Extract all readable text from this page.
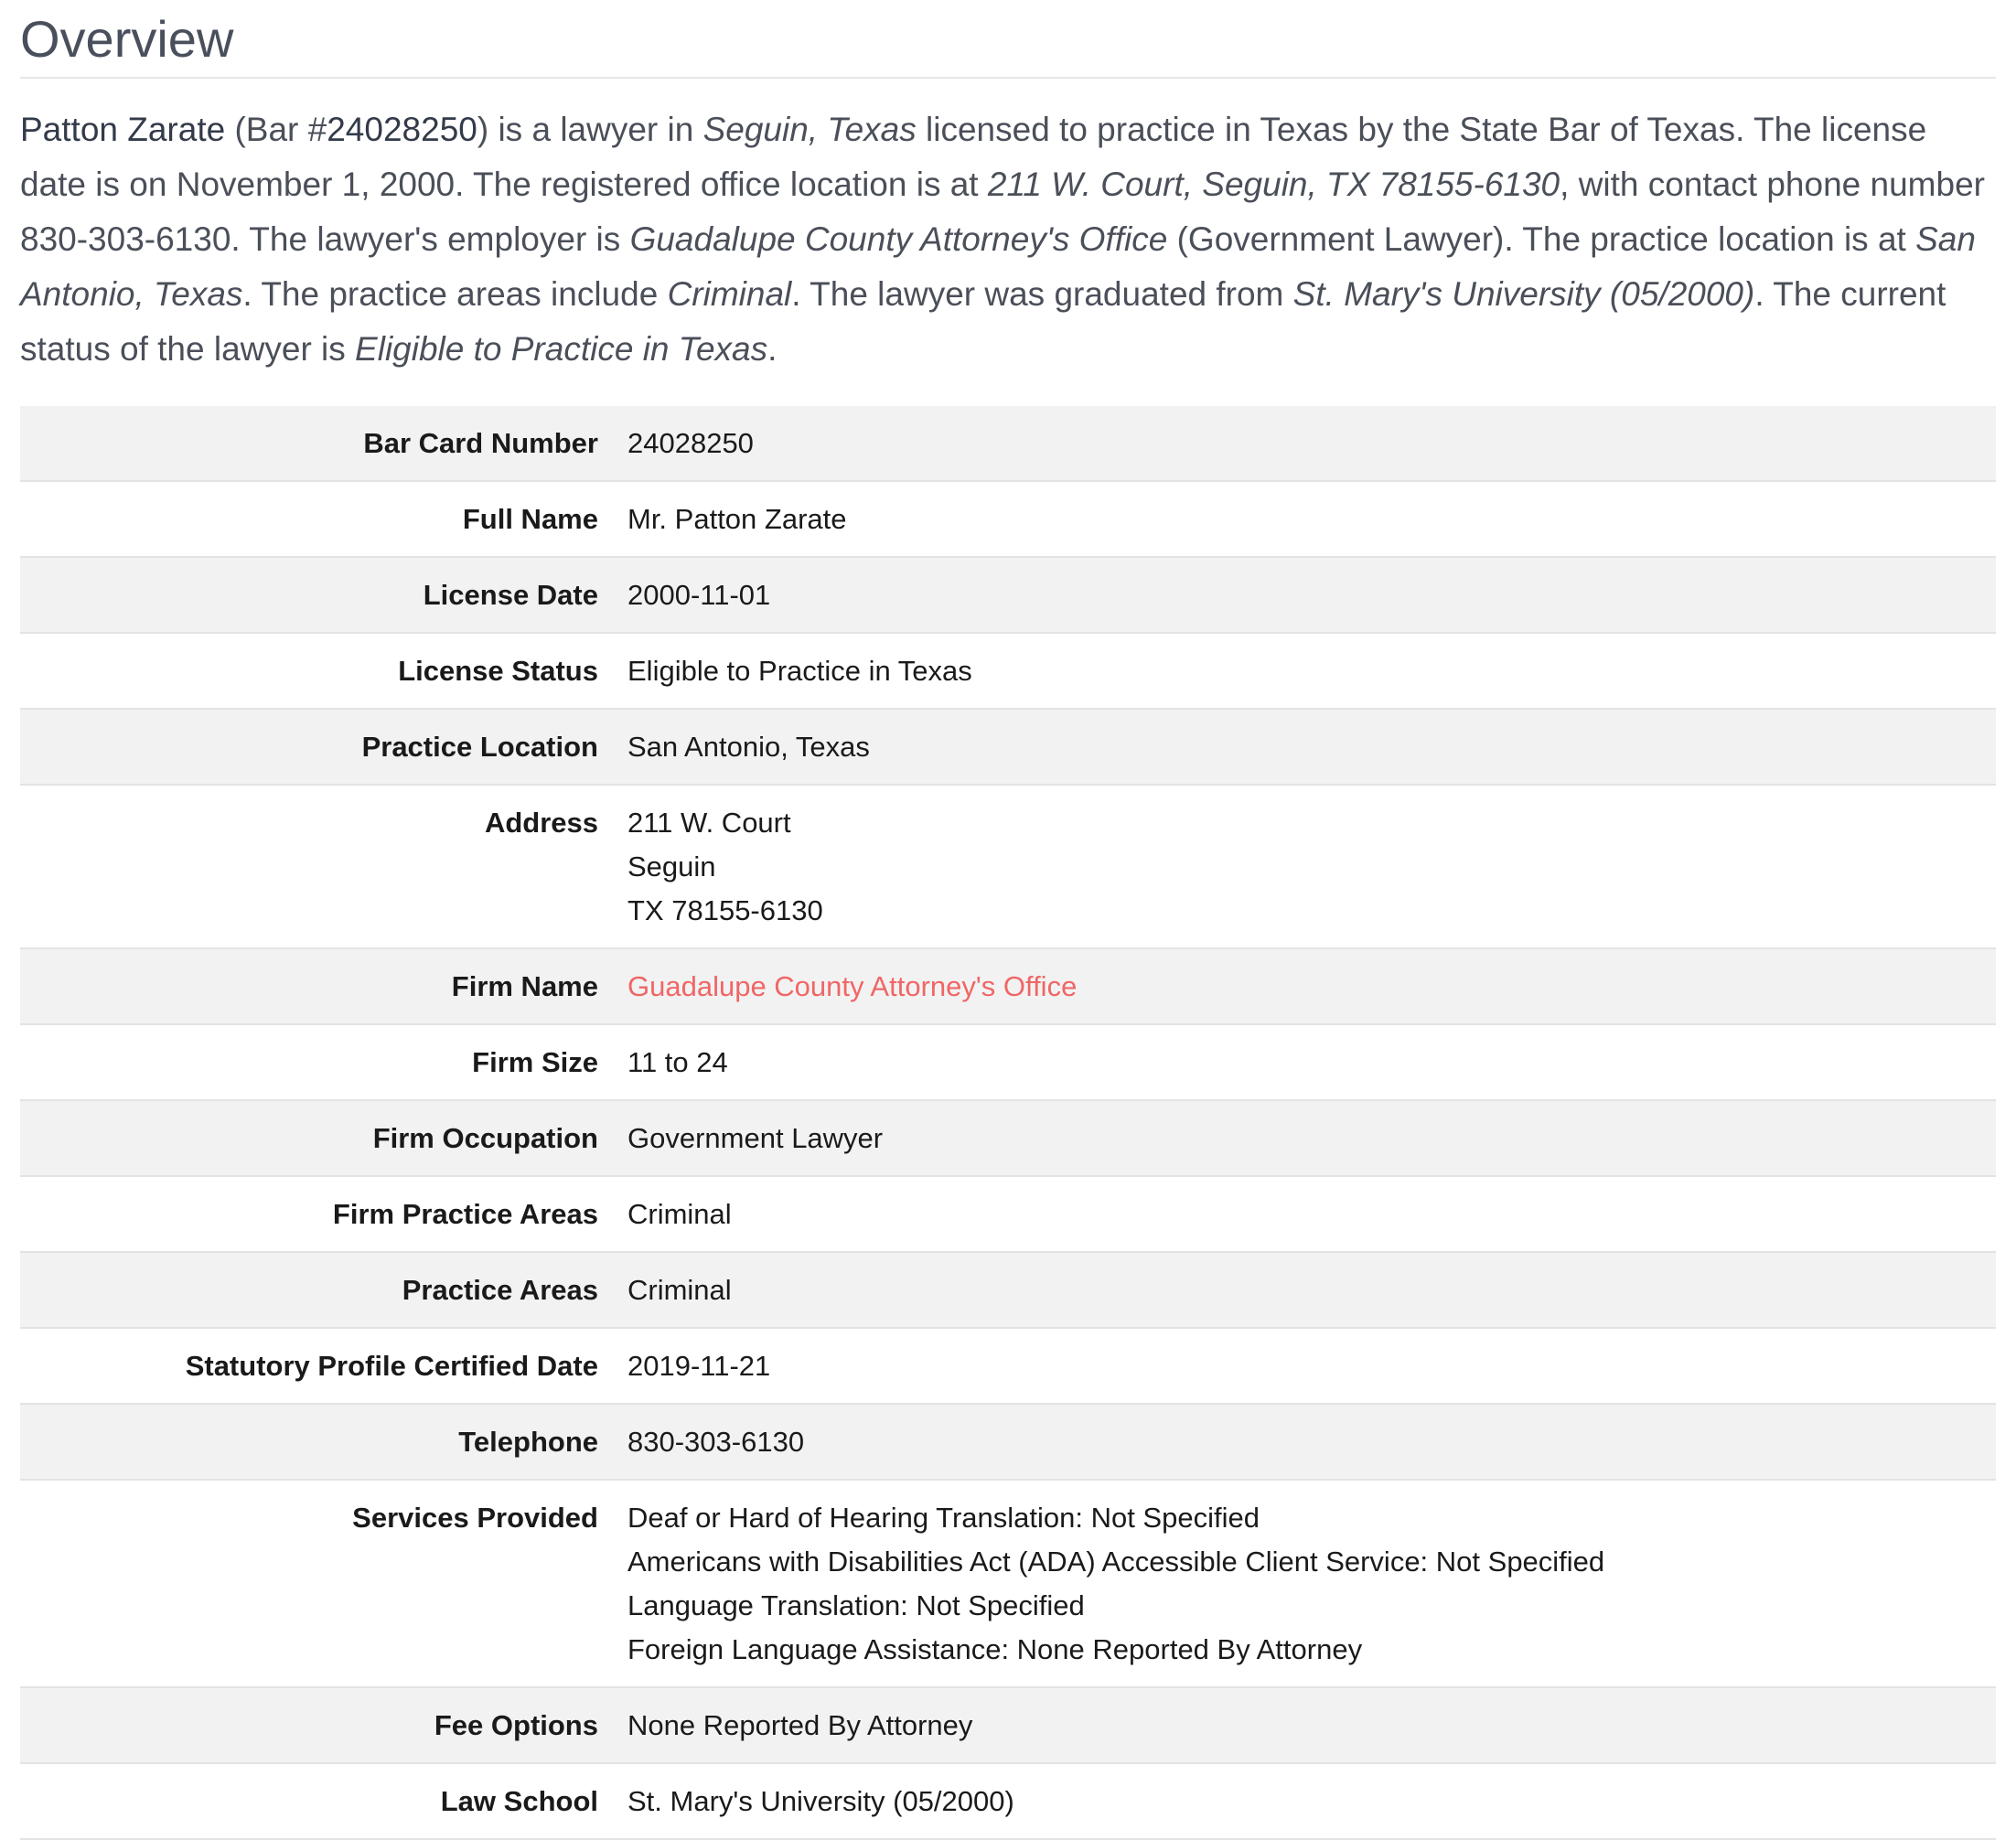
Overview

Patton Zarate (Bar #24028250) is a lawyer in Seguin, Texas licensed to practice in Texas by the State Bar of Texas. The license date is on November 1, 2000. The registered office location is at 211 W. Court, Seguin, TX 78155-6130, with contact phone number 830-303-6130. The lawyer's employer is Guadalupe County Attorney's Office (Government Lawyer). The practice location is at San Antonio, Texas. The practice areas include Criminal. The lawyer was graduated from St. Mary's University (05/2000). The current status of the lawyer is Eligible to Practice in Texas.

Bar Card Number	24028250
Full Name	Mr. Patton Zarate
License Date	2000-11-01
License Status	Eligible to Practice in Texas
Practice Location	San Antonio, Texas
Address	211 W. Court
Seguin
TX 78155-6130

Firm Name	Guadalupe County Attorney's Office
Firm Size	11 to 24
Firm Occupation	Government Lawyer
Firm Practice Areas	Criminal
Practice Areas	Criminal
Statutory Profile Certified Date	2019-11-21
Telephone	830-303-6130
Services Provided	Deaf or Hard of Hearing Translation: Not Specified
Americans with Disabilities Act (ADA) Accessible Client Service: Not Specified
Language Translation: Not Specified
Foreign Language Assistance: None Reported By Attorney

Fee Options	None Reported By Attorney
Law School	St. Mary's University (05/2000)
